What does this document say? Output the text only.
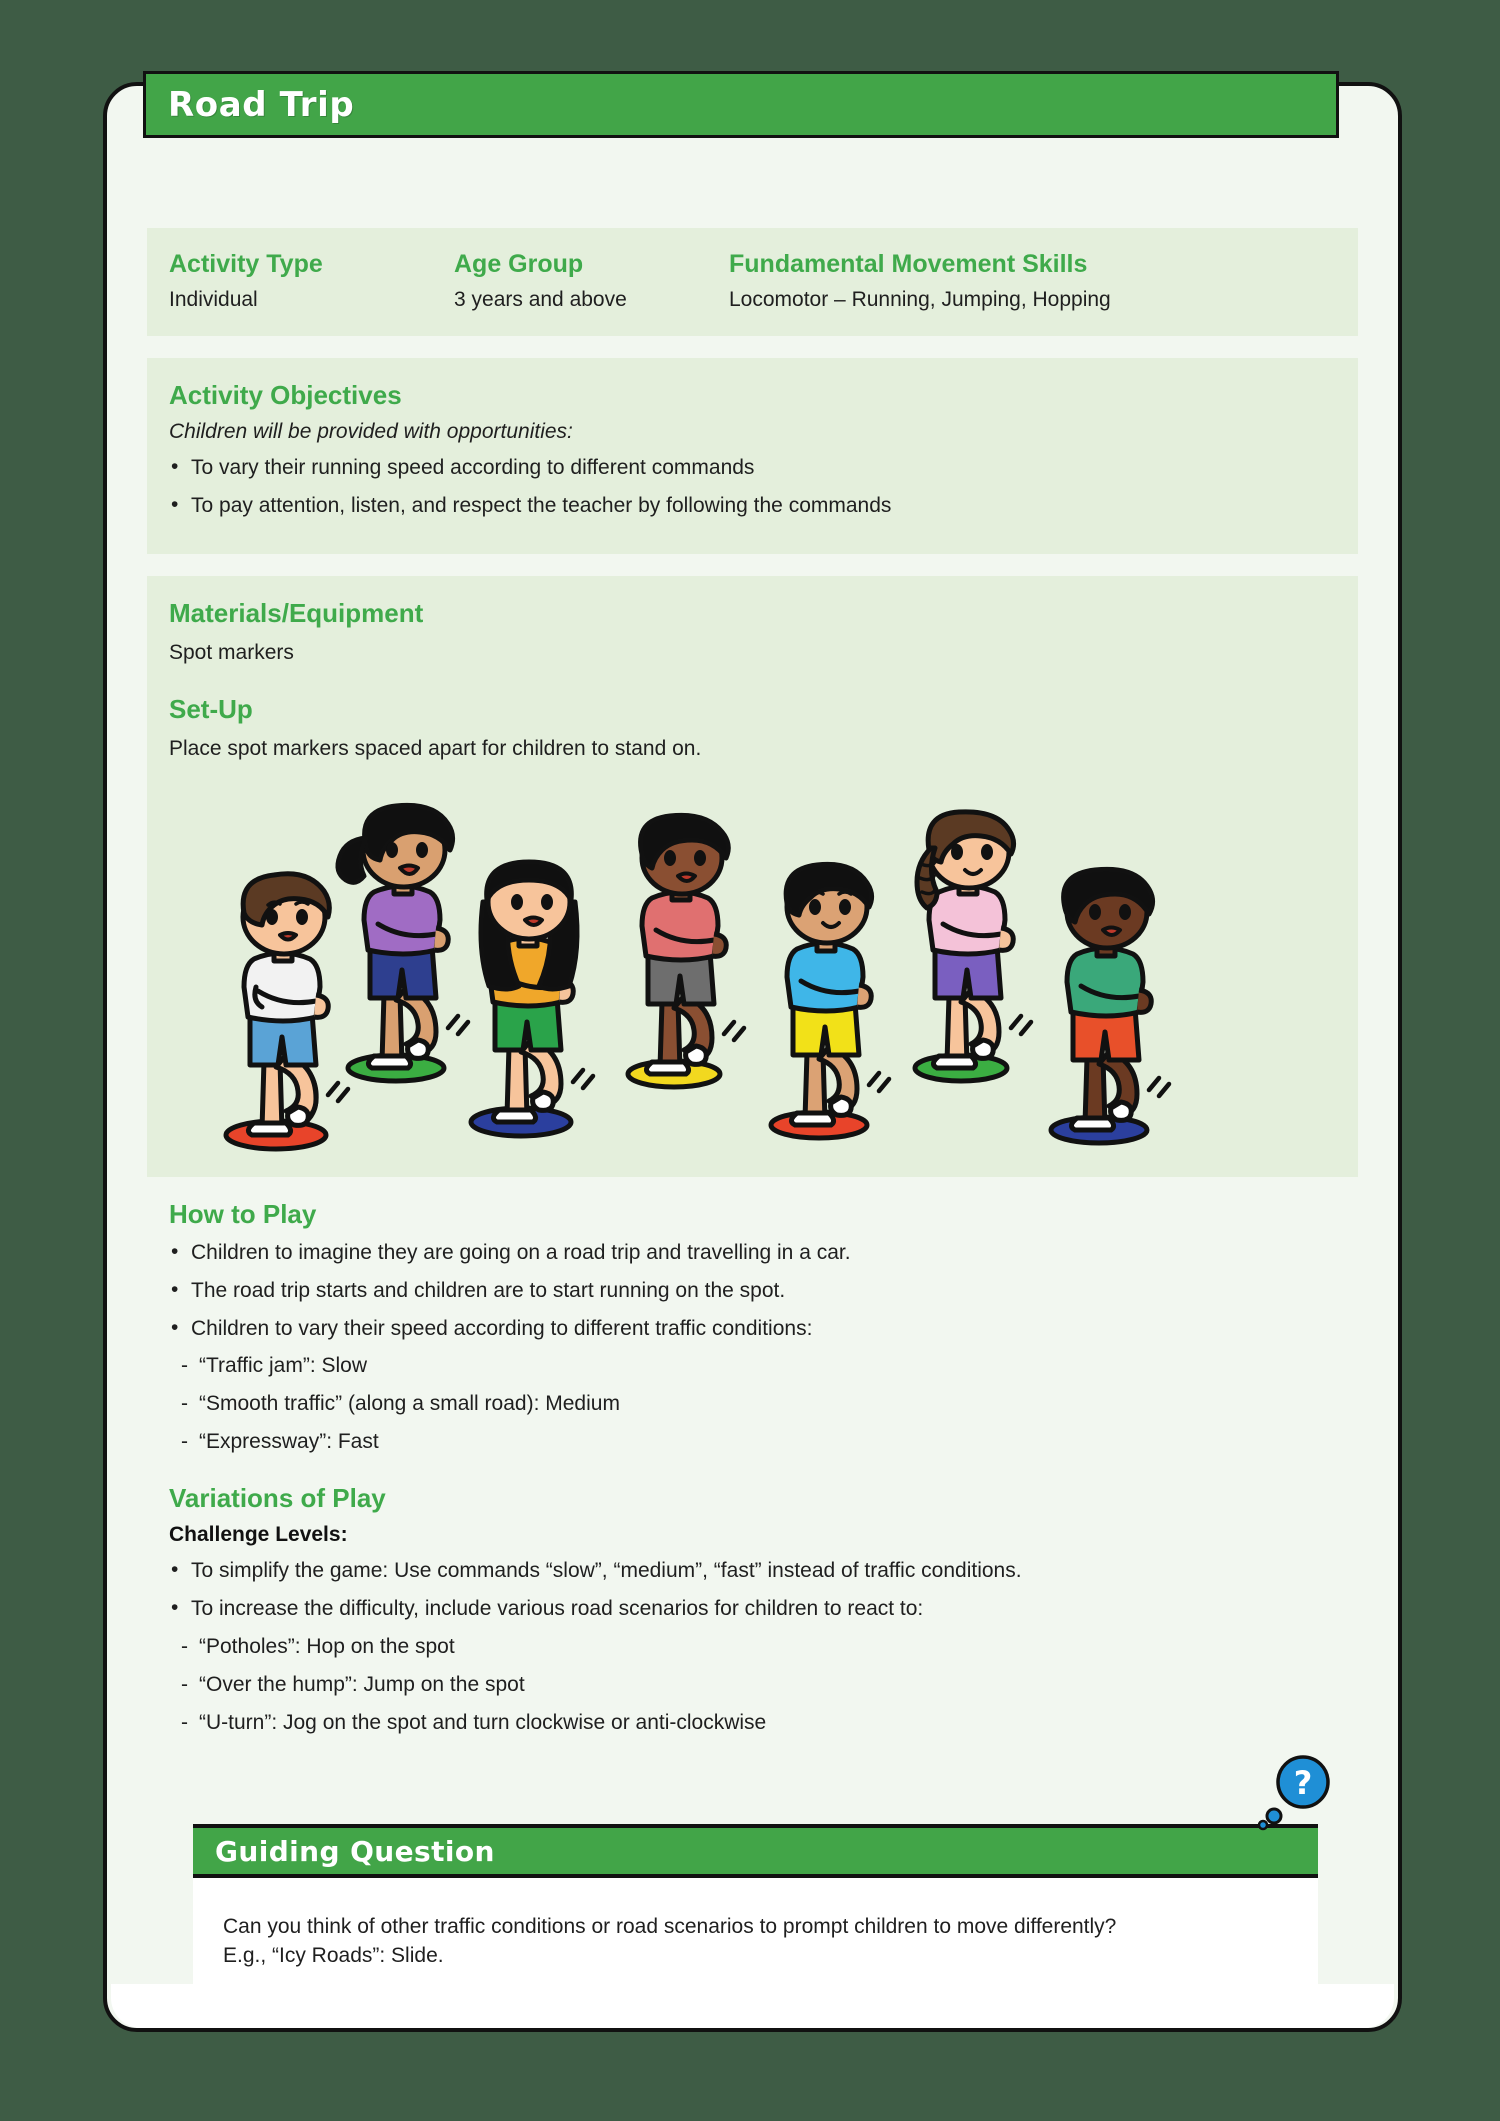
Activity Type
Individual
Age Group
3 years and above
Fundamental Movement Skills
Locomotor – Running, Jumping, Hopping
Activity Objectives
Children will be provided with opportunities:
• To vary their running speed according to different commands
• To pay attention, listen, and respect the teacher by following the commands
Materials/Equipment
Spot markers
Set-Up
Place spot markers spaced apart for children to stand on.
How to Play
• Children to imagine they are going on a road trip and travelling in a car.
• The road trip starts and children are to start running on the spot.
• Children to vary their speed according to different traffic conditions:
- “Traffic jam”: Slow
- “Smooth traffic” (along a small road): Medium
- “Expressway”: Fast
Variations of Play
Challenge Levels:
• To simplify the game: Use commands “slow”, “medium”, “fast” instead of traffic conditions.
• To increase the difficulty, include various road scenarios for children to react to:
- “Potholes”: Hop on the spot
- “Over the hump”: Jump on the spot
- “U-turn”: Jog on the spot and turn clockwise or anti-clockwise
Guiding Question
Can you think of other traffic conditions or road scenarios to prompt children to move differently?
E.g., “Icy Roads”: Slide.
?
Road Trip
